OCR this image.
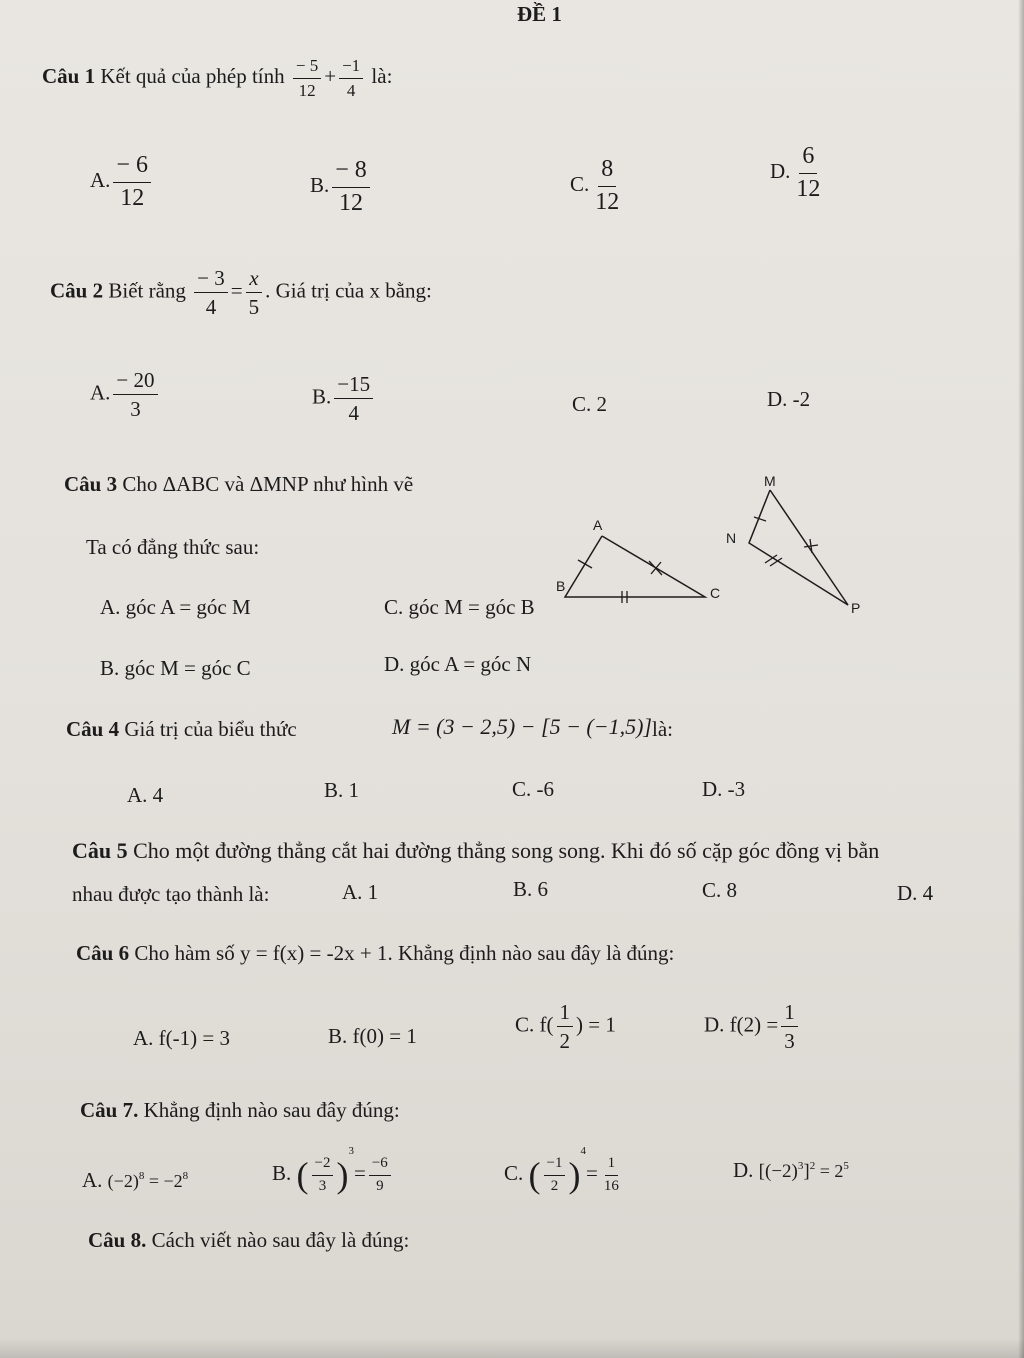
ĐỀ 1
Câu 1 Kết quả của phép tính $\frac{- 5}{12} + \frac{-1}{4}$ là:
A. $\frac{- 6}{12}$	B. $\frac{- 8}{12}$	C. $\frac{8}{12}$	D. $\frac{6}{12}$
Câu 2 Biết rằng $\frac{- 3}{4} = \frac{x}{5}$ . Giá trị của x bằng:
A. $\frac{- 20}{3}$	B. $\frac{-15}{4}$	C. 2	D. -2
Câu 3 Cho ΔABC và ΔMNP như hình vẽ
Ta có đẳng thức sau:
A. góc A = góc M	C. góc M = góc B
B. góc M = góc C	D. góc A = góc N
A
B	C
M
N
P
Câu 4 Giá trị của biểu thức	M = (3 − 2,5) − [5 − (−1,5)] là:
A. 4	B. 1	C. -6	D. -3
Câu 5 Cho một đường thẳng cắt hai đường thẳng song song. Khi đó số cặp góc đồng vị bằn
nhau được tạo thành là:	A. 1	B. 6	C. 8	D. 4
Câu 6 Cho hàm số y = f(x) = -2x + 1. Khẳng định nào sau đây là đúng:
A. f(-1) = 3	B. f(0) = 1	C. $f( \frac{1}{2}$ ) = 1	D. $f(2) = \frac{1}{3}$
Câu 7. Khẳng định nào sau đây đúng:
A. $(-2)^8 = -2^8$	B. ( $\frac{-2}{3} )^3= \frac{-6}{9}$	C. ( $\frac{-1}{2} )^4= \frac{1}{16}$	D. $[(-2)^3]^2 = 2^5$
Câu 8. Cách viết nào sau đây là đúng:
